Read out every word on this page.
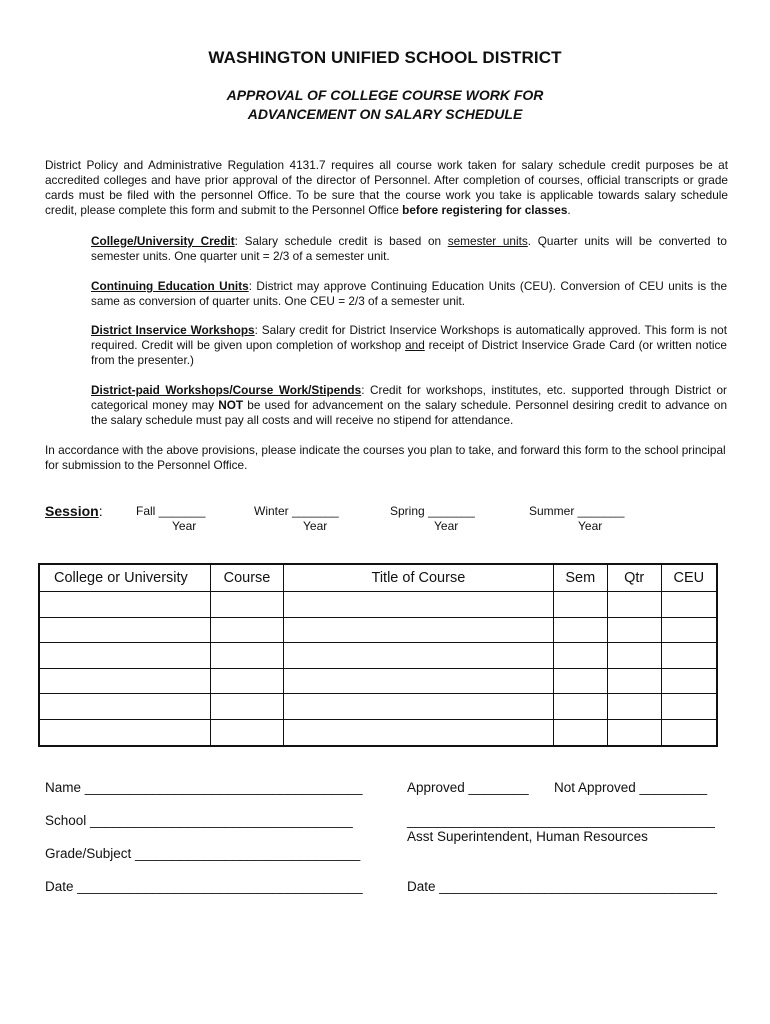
WASHINGTON UNIFIED SCHOOL DISTRICT
APPROVAL OF COLLEGE COURSE WORK FOR
ADVANCEMENT ON SALARY SCHEDULE
District Policy and Administrative Regulation 4131.7 requires all course work taken for salary schedule credit purposes be at accredited colleges and have prior approval of the director of Personnel. After completion of courses, official transcripts or grade cards must be filed with the personnel Office. To be sure that the course work you take is applicable towards salary schedule credit, please complete this form and submit to the Personnel Office before registering for classes.
College/University Credit: Salary schedule credit is based on semester units. Quarter units will be converted to semester units. One quarter unit = 2/3 of a semester unit.
Continuing Education Units: District may approve Continuing Education Units (CEU). Conversion of CEU units is the same as conversion of quarter units. One CEU = 2/3 of a semester unit.
District Inservice Workshops: Salary credit for District Inservice Workshops is automatically approved. This form is not required. Credit will be given upon completion of workshop and receipt of District Inservice Grade Card (or written notice from the presenter.)
District-paid Workshops/Course Work/Stipends: Credit for workshops, institutes, etc. supported through District or categorical money may NOT be used for advancement on the salary schedule. Personnel desiring credit to advance on the salary schedule must pay all costs and will receive no stipend for attendance.
In accordance with the above provisions, please indicate the courses you plan to take, and forward this form to the school principal for submission to the Personnel Office.
Session:	Fall _______
Year
Winter _______
Year
Spring _______
Year
Summer _______
Year
College or University	Course	Title of Course	Sem	Qtr	CEU

Name _____________________________________
School ___________________________________
Grade/Subject ______________________________
Date ______________________________________
Approved ________ Not Approved _________
_________________________________________
Asst Superintendent, Human Resources
Date _____________________________________
